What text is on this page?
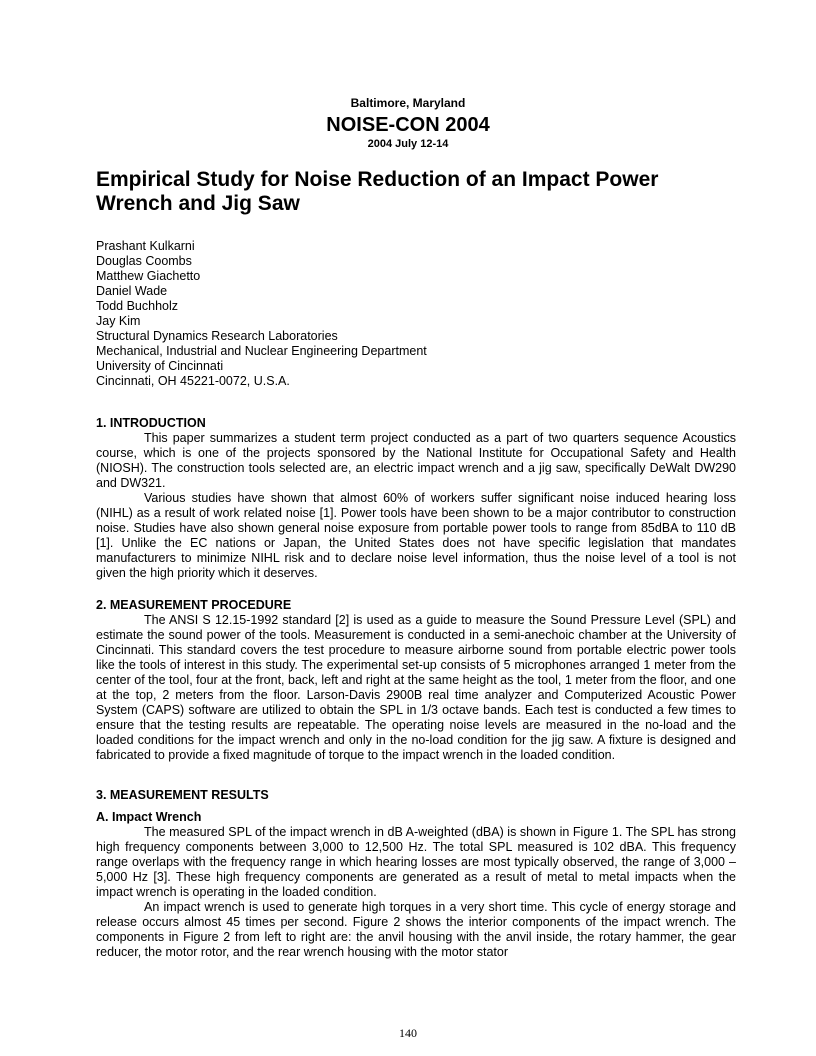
Baltimore, Maryland
NOISE-CON 2004
2004 July 12-14
Empirical Study for Noise Reduction of an Impact Power Wrench and Jig Saw
Prashant Kulkarni
Douglas Coombs
Matthew Giachetto
Daniel Wade
Todd Buchholz
Jay Kim
Structural Dynamics Research Laboratories
Mechanical, Industrial and Nuclear Engineering Department
University of Cincinnati
Cincinnati, OH 45221-0072, U.S.A.
1. INTRODUCTION

This paper summarizes a student term project conducted as a part of two quarters sequence Acoustics course, which is one of the projects sponsored by the National Institute for Occupational Safety and Health (NIOSH). The construction tools selected are, an electric impact wrench and a jig saw, specifically DeWalt DW290 and DW321.

Various studies have shown that almost 60% of workers suffer significant noise induced hearing loss (NIHL) as a result of work related noise [1]. Power tools have been shown to be a major contributor to construction noise. Studies have also shown general noise exposure from portable power tools to range from 85dBA to 110 dB [1]. Unlike the EC nations or Japan, the United States does not have specific legislation that mandates manufacturers to minimize NIHL risk and to declare noise level information, thus the noise level of a tool is not given the high priority which it deserves.

2. MEASUREMENT PROCEDURE

The ANSI S 12.15-1992 standard [2] is used as a guide to measure the Sound Pressure Level (SPL) and estimate the sound power of the tools. Measurement is conducted in a semi-anechoic chamber at the University of Cincinnati. This standard covers the test procedure to measure airborne sound from portable electric power tools like the tools of interest in this study. The experimental set-up consists of 5 microphones arranged 1 meter from the center of the tool, four at the front, back, left and right at the same height as the tool, 1 meter from the floor, and one at the top, 2 meters from the floor. Larson-Davis 2900B real time analyzer and Computerized Acoustic Power System (CAPS) software are utilized to obtain the SPL in 1/3 octave bands. Each test is conducted a few times to ensure that the testing results are repeatable. The operating noise levels are measured in the no-load and the loaded conditions for the impact wrench and only in the no-load condition for the jig saw. A fixture is designed and fabricated to provide a fixed magnitude of torque to the impact wrench in the loaded condition.

3. MEASUREMENT RESULTS
A. Impact Wrench

The measured SPL of the impact wrench in dB A-weighted (dBA) is shown in Figure 1. The SPL has strong high frequency components between 3,000 to 12,500 Hz. The total SPL measured is 102 dBA. This frequency range overlaps with the frequency range in which hearing losses are most typically observed, the range of 3,000 – 5,000 Hz [3]. These high frequency components are generated as a result of metal to metal impacts when the impact wrench is operating in the loaded condition.

An impact wrench is used to generate high torques in a very short time. This cycle of energy storage and release occurs almost 45 times per second. Figure 2 shows the interior components of the impact wrench. The components in Figure 2 from left to right are: the anvil housing with the anvil inside, the rotary hammer, the gear reducer, the motor rotor, and the rear wrench housing with the motor stator

140
